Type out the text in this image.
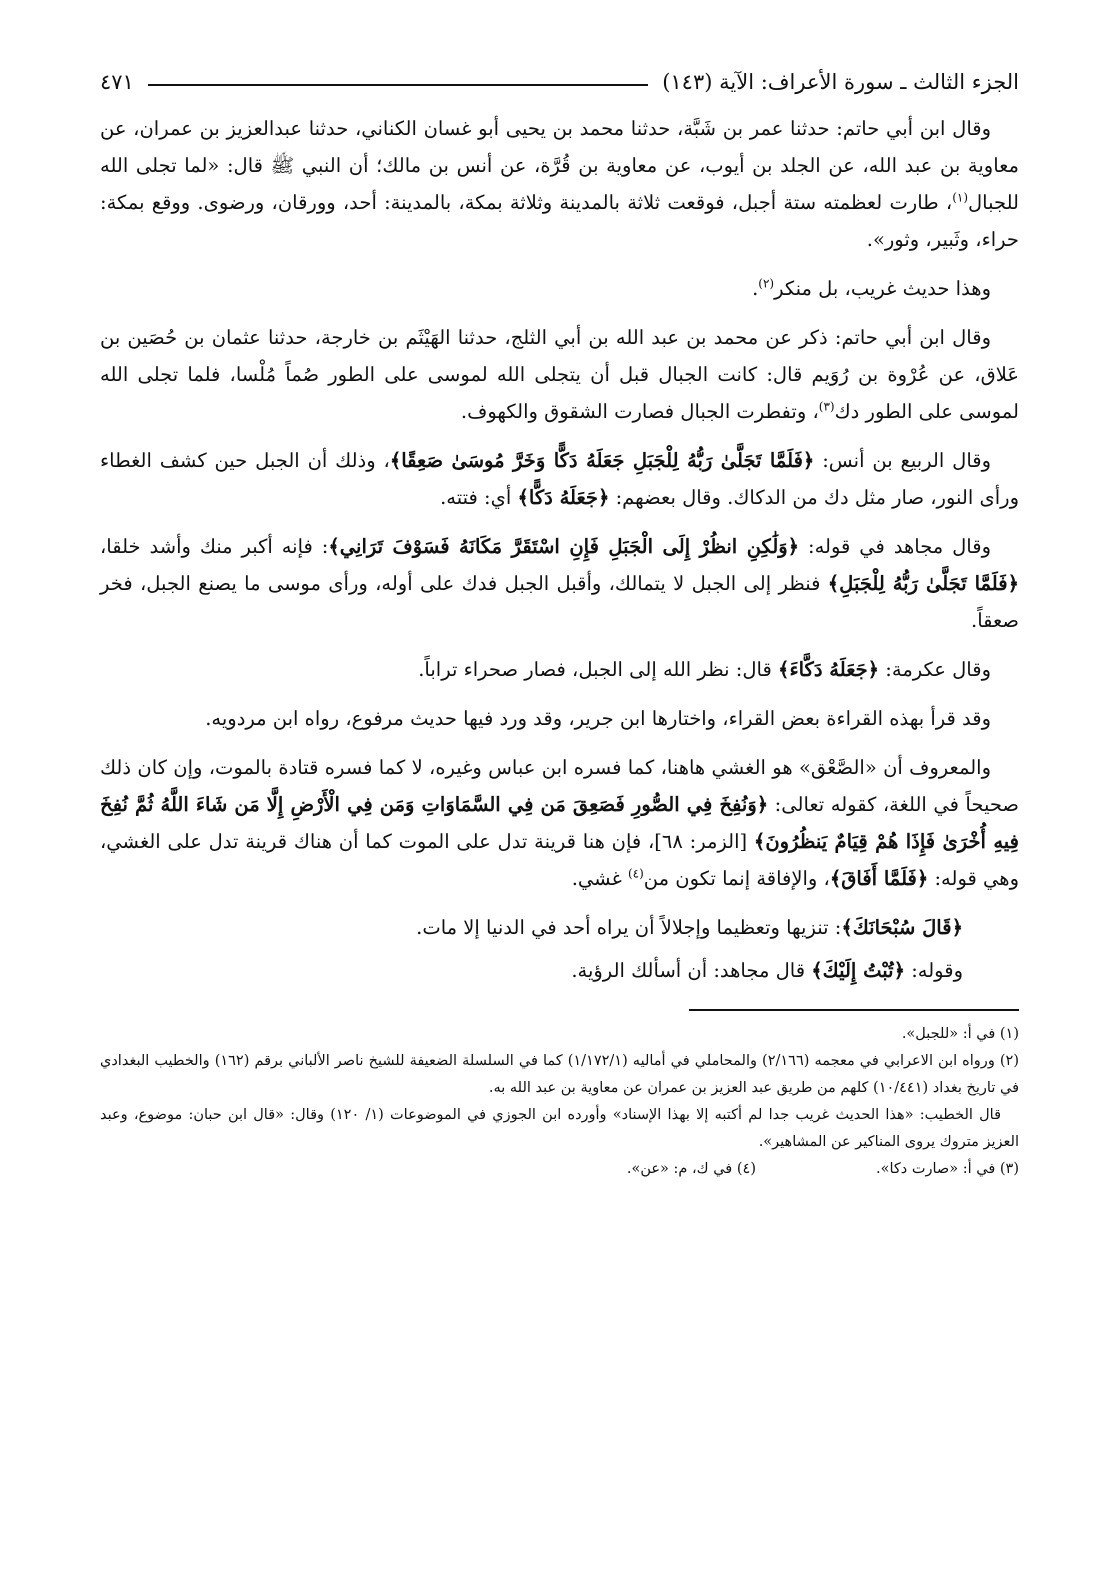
الجزء الثالث ـ سورة الأعراف: الآية (١٤٣)
٤٧١

وقال ابن أبي حاتم: حدثنا عمر بن شَبَّة، حدثنا محمد بن يحيى أبو غسان الكناني، حدثنا عبدالعزيز بن عمران، عن معاوية بن عبد الله، عن الجلد بن أيوب، عن معاوية بن قُرَّة، عن أنس بن مالك؛ أن النبي ﷺ قال: «لما تجلى الله للجبال$^{(١)}$، طارت لعظمته ستة أجبل، فوقعت ثلاثة بالمدينة وثلاثة بمكة، بالمدينة: أحد، وورقان، ورضوى. ووقع بمكة: حراء، وثَبير، وثور».

وهذا حديث غريب، بل منكر$^{(٢)}$.

وقال ابن أبي حاتم: ذكر عن محمد بن عبد الله بن أبي الثلج، حدثنا الهَيْثَم بن خارجة، حدثنا عثمان بن حُصَين بن عَلاق، عن عُرْوة بن رُوَيم قال: كانت الجبال قبل أن يتجلى الله لموسى على الطور صُماً مُلْسا، فلما تجلى الله لموسى على الطور دك$^{(٣)}$، وتفطرت الجبال فصارت الشقوق والكهوف.

وقال الربيع بن أنس: ﴿فَلَمَّا تَجَلَّىٰ رَبُّهُ لِلْجَبَلِ جَعَلَهُ دَكًّا وَخَرَّ مُوسَىٰ صَعِقًا﴾، وذلك أن الجبل حين كشف الغطاء ورأى النور، صار مثل دك من الدكاك. وقال بعضهم: ﴿جَعَلَهُ دَكًّا﴾ أي: فتته.

وقال مجاهد في قوله: ﴿وَلَٰكِنِ انظُرْ إِلَى الْجَبَلِ فَإِنِ اسْتَقَرَّ مَكَانَهُ فَسَوْفَ تَرَانِي﴾: فإنه أكبر منك وأشد خلقا، ﴿فَلَمَّا تَجَلَّىٰ رَبُّهُ لِلْجَبَلِ﴾ فنظر إلى الجبل لا يتمالك، وأقبل الجبل فدك على أوله، ورأى موسى ما يصنع الجبل، فخر صعقاً.

وقال عكرمة: ﴿جَعَلَهُ دَكَّاءَ﴾ قال: نظر الله إلى الجبل، فصار صحراء تراباً.

وقد قرأ بهذه القراءة بعض القراء، واختارها ابن جرير، وقد ورد فيها حديث مرفوع، رواه ابن مردويه.

والمعروف أن «الصَّعْق» هو الغشي هاهنا، كما فسره ابن عباس وغيره، لا كما فسره قتادة بالموت، وإن كان ذلك صحيحاً في اللغة، كقوله تعالى: ﴿وَنُفِخَ فِي الصُّورِ فَصَعِقَ مَن فِي السَّمَاوَاتِ وَمَن فِي الْأَرْضِ إِلَّا مَن شَاءَ اللَّهُ ثُمَّ نُفِخَ فِيهِ أُخْرَىٰ فَإِذَا هُمْ قِيَامٌ يَنظُرُونَ﴾ [الزمر: ٦٨]، فإن هنا قرينة تدل على الموت كما أن هناك قرينة تدل على الغشي، وهي قوله: ﴿فَلَمَّا أَفَاقَ﴾، والإفاقة إنما تكون من$^{(٤)}$ غشي.

﴿قَالَ سُبْحَانَكَ﴾: تنزيها وتعظيما وإجلالاً أن يراه أحد في الدنيا إلا مات.

وقوله: ﴿تُبْتُ إِلَيْكَ﴾ قال مجاهد: أن أسألك الرؤية.

(١) في أ: «للجبل».
(٢) ورواه ابن الاعرابي في معجمه (٢/١٦٦) والمحاملي في أماليه (١/١٧٢/١) كما في السلسلة الضعيفة للشيخ ناصر الألباني برقم (١٦٢) والخطيب البغدادي في تاريخ بغداد (١٠/٤٤١) كلهم من طريق عبد العزيز بن عمران عن معاوية بن عبد الله به.
قال الخطيب: «هذا الحديث غريب جدا لم أكتبه إلا بهذا الإسناد» وأورده ابن الجوزي في الموضوعات (١/ ١٢٠) وقال: «قال ابن حبان: موضوع، وعبد العزيز متروك يروى المناكير عن المشاهير».
(٣) في أ: «صارت دكا».
(٤) في ك، م: «عن».
